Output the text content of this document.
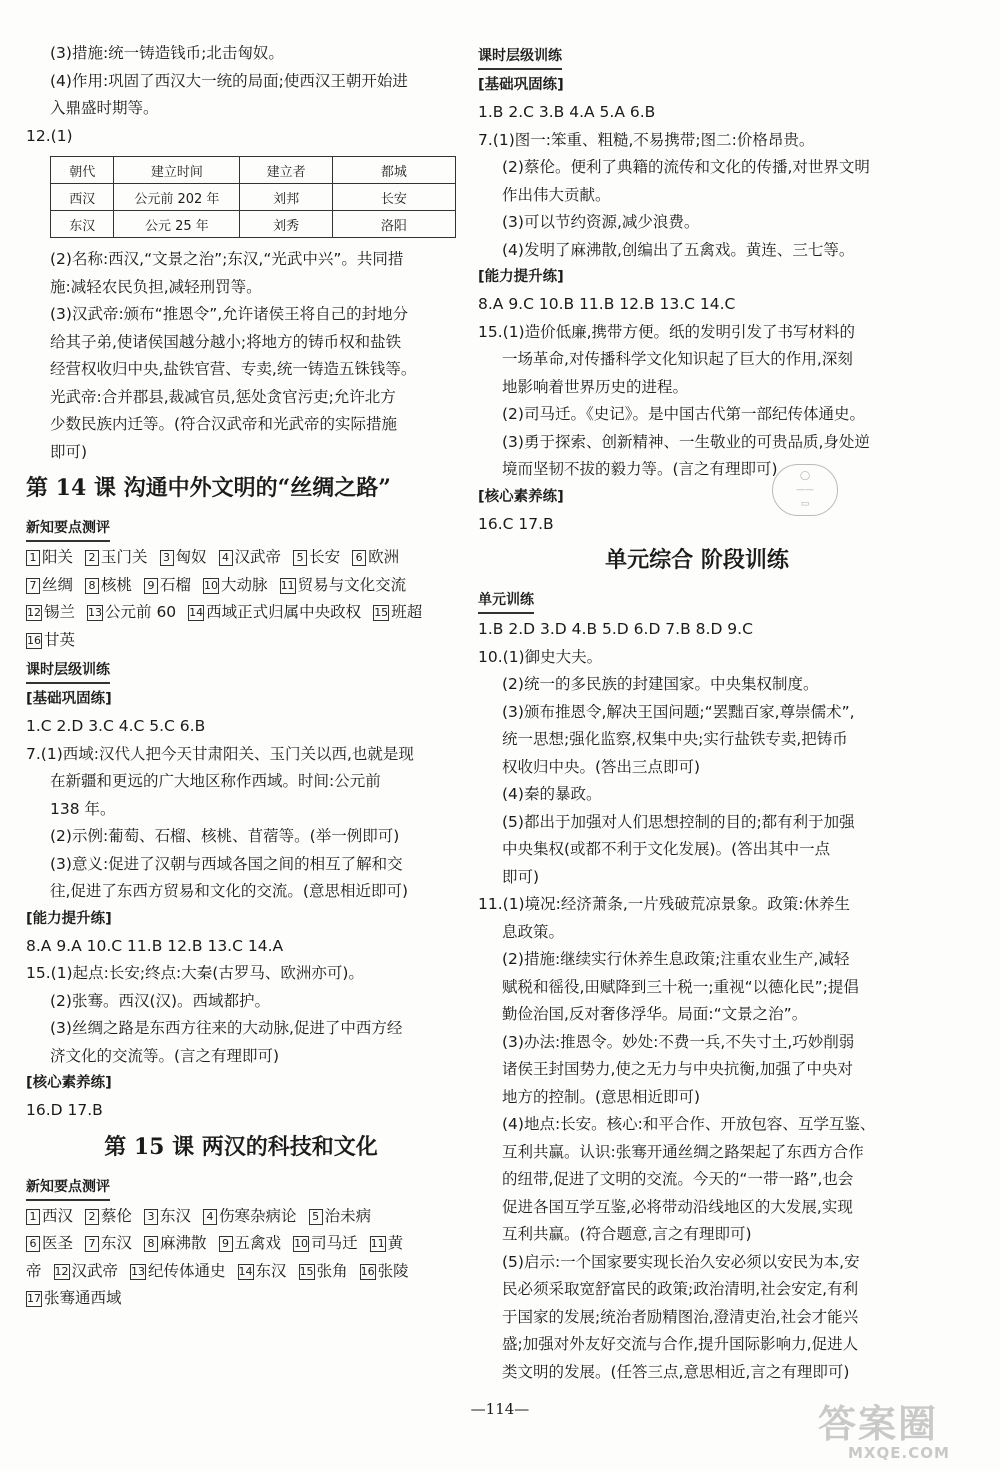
(3)措施:统一铸造钱币;北击匈奴。

(4)作用:巩固了西汉大一统的局面;使西汉王朝开始进

入鼎盛时期等。

12.(1)

朝代	建立时间	建立者	都城
西汉	公元前 202 年	刘邦	长安
东汉	公元 25 年	刘秀	洛阳

(2)名称:西汉,“文景之治”;东汉,“光武中兴”。共同措

施:减轻农民负担,减轻刑罚等。

(3)汉武帝:颁布“推恩令”,允许诸侯王将自己的封地分

给其子弟,使诸侯国越分越小;将地方的铸币权和盐铁

经营权收归中央,盐铁官营、专卖,统一铸造五铢钱等。

光武帝:合并郡县,裁减官员,惩处贪官污吏;允许北方

少数民族内迁等。(符合汉武帝和光武帝的实际措施

即可)

第 14 课 沟通中外文明的“丝绸之路”
新知要点测评

1 阳关 2 玉门关 3 匈奴 4 汉武帝 5 长安 6 欧洲

7 丝绸 8 核桃 9 石榴 10 大动脉 11 贸易与文化交流

12 锡兰 13 公元前 60 14 西域正式归属中央政权 15 班超

16 甘英

课时层级训练

[基础巩固练]

1.C 2.D 3.C 4.C 5.C 6.B

7.(1)西域:汉代人把今天甘肃阳关、玉门关以西,也就是现

在新疆和更远的广大地区称作西域。时间:公元前

138 年。

(2)示例:葡萄、石榴、核桃、苜蓿等。(举一例即可)

(3)意义:促进了汉朝与西域各国之间的相互了解和交

往,促进了东西方贸易和文化的交流。(意思相近即可)

[能力提升练]

8.A 9.A 10.C 11.B 12.B 13.C 14.A

15.(1)起点:长安;终点:大秦(古罗马、欧洲亦可)。

(2)张骞。西汉(汉)。西域都护。

(3)丝绸之路是东西方往来的大动脉,促进了中西方经

济文化的交流等。(言之有理即可)

[核心素养练]

16.D 17.B

第 15 课 两汉的科技和文化
新知要点测评

1 西汉 2 蔡伦 3 东汉 4 伤寒杂病论 5 治未病

6 医圣 7 东汉 8 麻沸散 9 五禽戏 10 司马迁 11 黄

帝 12 汉武帝 13 纪传体通史 14 东汉 15 张角 16 张陵

17 张骞通西域

课时层级训练

[基础巩固练]

1.B 2.C 3.B 4.A 5.A 6.B

7.(1)图一:笨重、粗糙,不易携带;图二:价格昂贵。

(2)蔡伦。便利了典籍的流传和文化的传播,对世界文明

作出伟大贡献。

(3)可以节约资源,减少浪费。

(4)发明了麻沸散,创编出了五禽戏。黄连、三七等。

[能力提升练]

8.A 9.C 10.B 11.B 12.B 13.C 14.C

15.(1)造价低廉,携带方便。纸的发明引发了书写材料的

一场革命,对传播科学文化知识起了巨大的作用,深刻

地影响着世界历史的进程。

(2)司马迁。《史记》。是中国古代第一部纪传体通史。

(3)勇于探索、创新精神、一生敬业的可贵品质,身处逆

境而坚韧不拔的毅力等。(言之有理即可)

[核心素养练]

16.C 17.B

单元综合 阶段训练
单元训练

1.B 2.D 3.D 4.B 5.D 6.D 7.B 8.D 9.C

10.(1)御史大夫。

(2)统一的多民族的封建国家。中央集权制度。

(3)颁布推恩令,解决王国问题;“罢黜百家,尊崇儒术”,

统一思想;强化监察,权集中央;实行盐铁专卖,把铸币

权收归中央。(答出三点即可)

(4)秦的暴政。

(5)都出于加强对人们思想控制的目的;都有利于加强

中央集权(或都不利于文化发展)。(答出其中一点

即可)

11.(1)境况:经济萧条,一片残破荒凉景象。政策:休养生

息政策。

(2)措施:继续实行休养生息政策;注重农业生产,减轻

赋税和徭役,田赋降到三十税一;重视“以德化民”;提倡

勤俭治国,反对奢侈浮华。局面:“文景之治”。

(3)办法:推恩令。妙处:不费一兵,不失寸土,巧妙削弱

诸侯王封国势力,使之无力与中央抗衡,加强了中央对

地方的控制。(意思相近即可)

(4)地点:长安。核心:和平合作、开放包容、互学互鉴、

互利共赢。认识:张骞开通丝绸之路架起了东西方合作

的纽带,促进了文明的交流。今天的“一带一路”,也会

促进各国互学互鉴,必将带动沿线地区的大发展,实现

互利共赢。(符合题意,言之有理即可)

(5)启示:一个国家要实现长治久安必须以安民为本,安

民必须采取宽舒富民的政策;政治清明,社会安定,有利

于国家的发展;统治者励精图治,澄清吏治,社会才能兴

盛;加强对外友好交流与合作,提升国际影响力,促进人

类文明的发展。(任答三点,意思相近,言之有理即可)

◯
——
▭
—114—	答案圈
MXQE.COM
